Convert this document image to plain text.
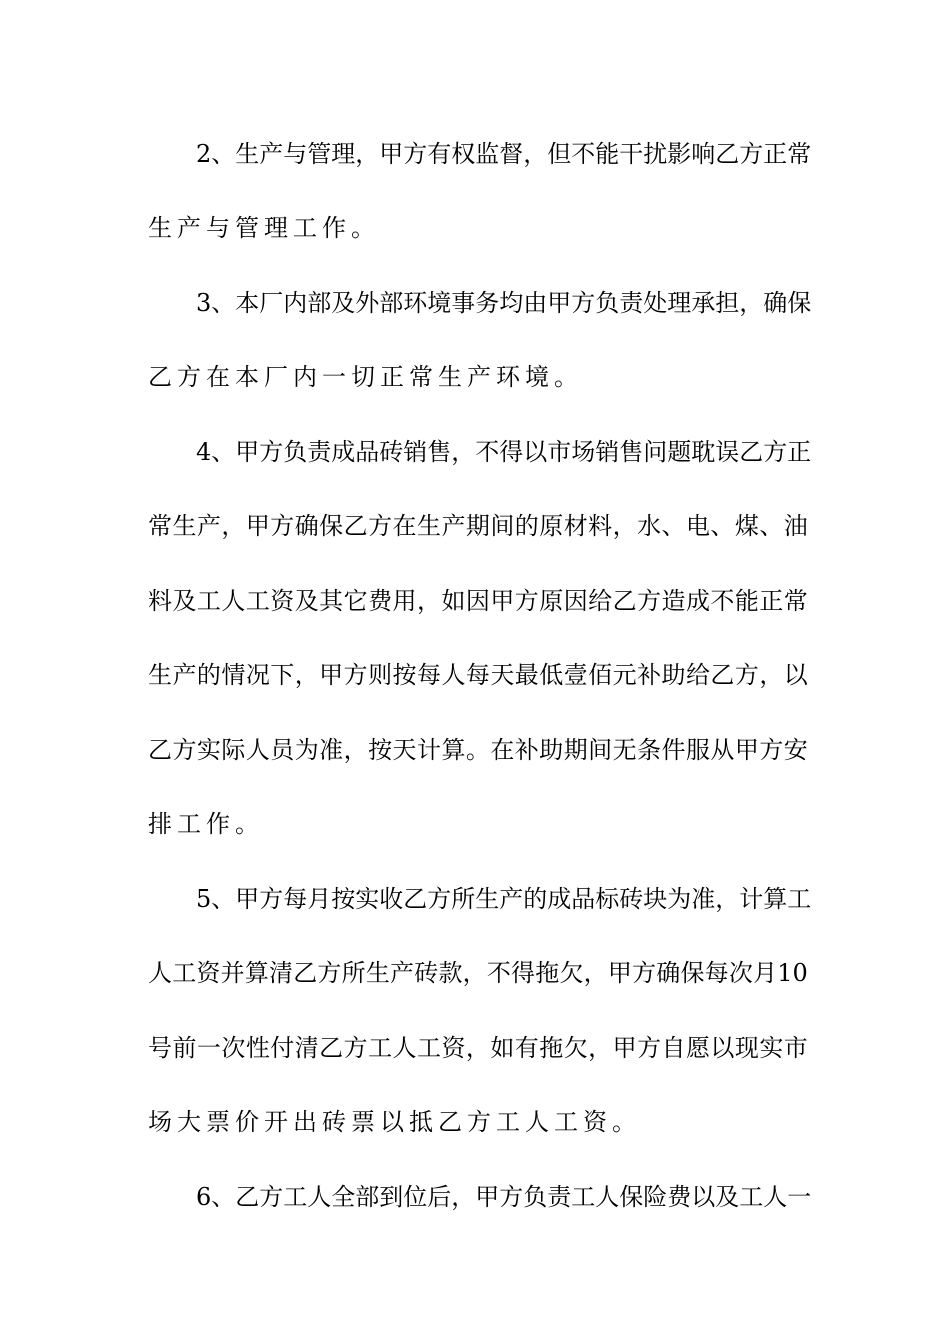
2 、 生 产 与 管 理 ， 甲 方 有 权 监 督 ， 但 不 能 干 扰 影 响 乙 方 正 常
生产与管理工作。
3 、 本 厂 内 部 及 外 部 环 境 事 务 均 由 甲 方 负 责 处 理 承 担 ， 确 保
乙方在本厂内一切正常生产环境。
4 、 甲 方 负 责 成 品 砖 销 售 ， 不 得 以 市 场 销 售 问 题 耽 误 乙 方 正
常 生 产 ， 甲 方 确 保 乙 方 在 生 产 期 间 的 原 材 料 ， 水 、 电 、 煤 、 油
料 及 工 人 工 资 及 其 它 费 用 ， 如 因 甲 方 原 因 给 乙 方 造 成 不 能 正 常
生 产 的 情 况 下 ， 甲 方 则 按 每 人 每 天 最 低 壹 佰 元 补 助 给 乙 方 ， 以
乙 方 实 际 人 员 为 准 ， 按 天 计 算 。 在 补 助 期 间 无 条 件 服 从 甲 方 安
排工作。
5 、 甲 方 每 月 按 实 收 乙 方 所 生 产 的 成 品 标 砖 块 为 准 ， 计 算 工
人 工 资 并 算 清 乙 方 所 生 产 砖 款 ， 不 得 拖 欠 ， 甲 方 确 保 每 次 月 10
号 前 一 次 性 付 清 乙 方 工 人 工 资 ， 如 有 拖 欠 ， 甲 方 自 愿 以 现 实 市
场大票价开出砖票以抵乙方工人工资。
6 、 乙 方 工 人 全 部 到 位 后 ， 甲 方 负 责 工 人 保 险 费 以 及 工 人 一
